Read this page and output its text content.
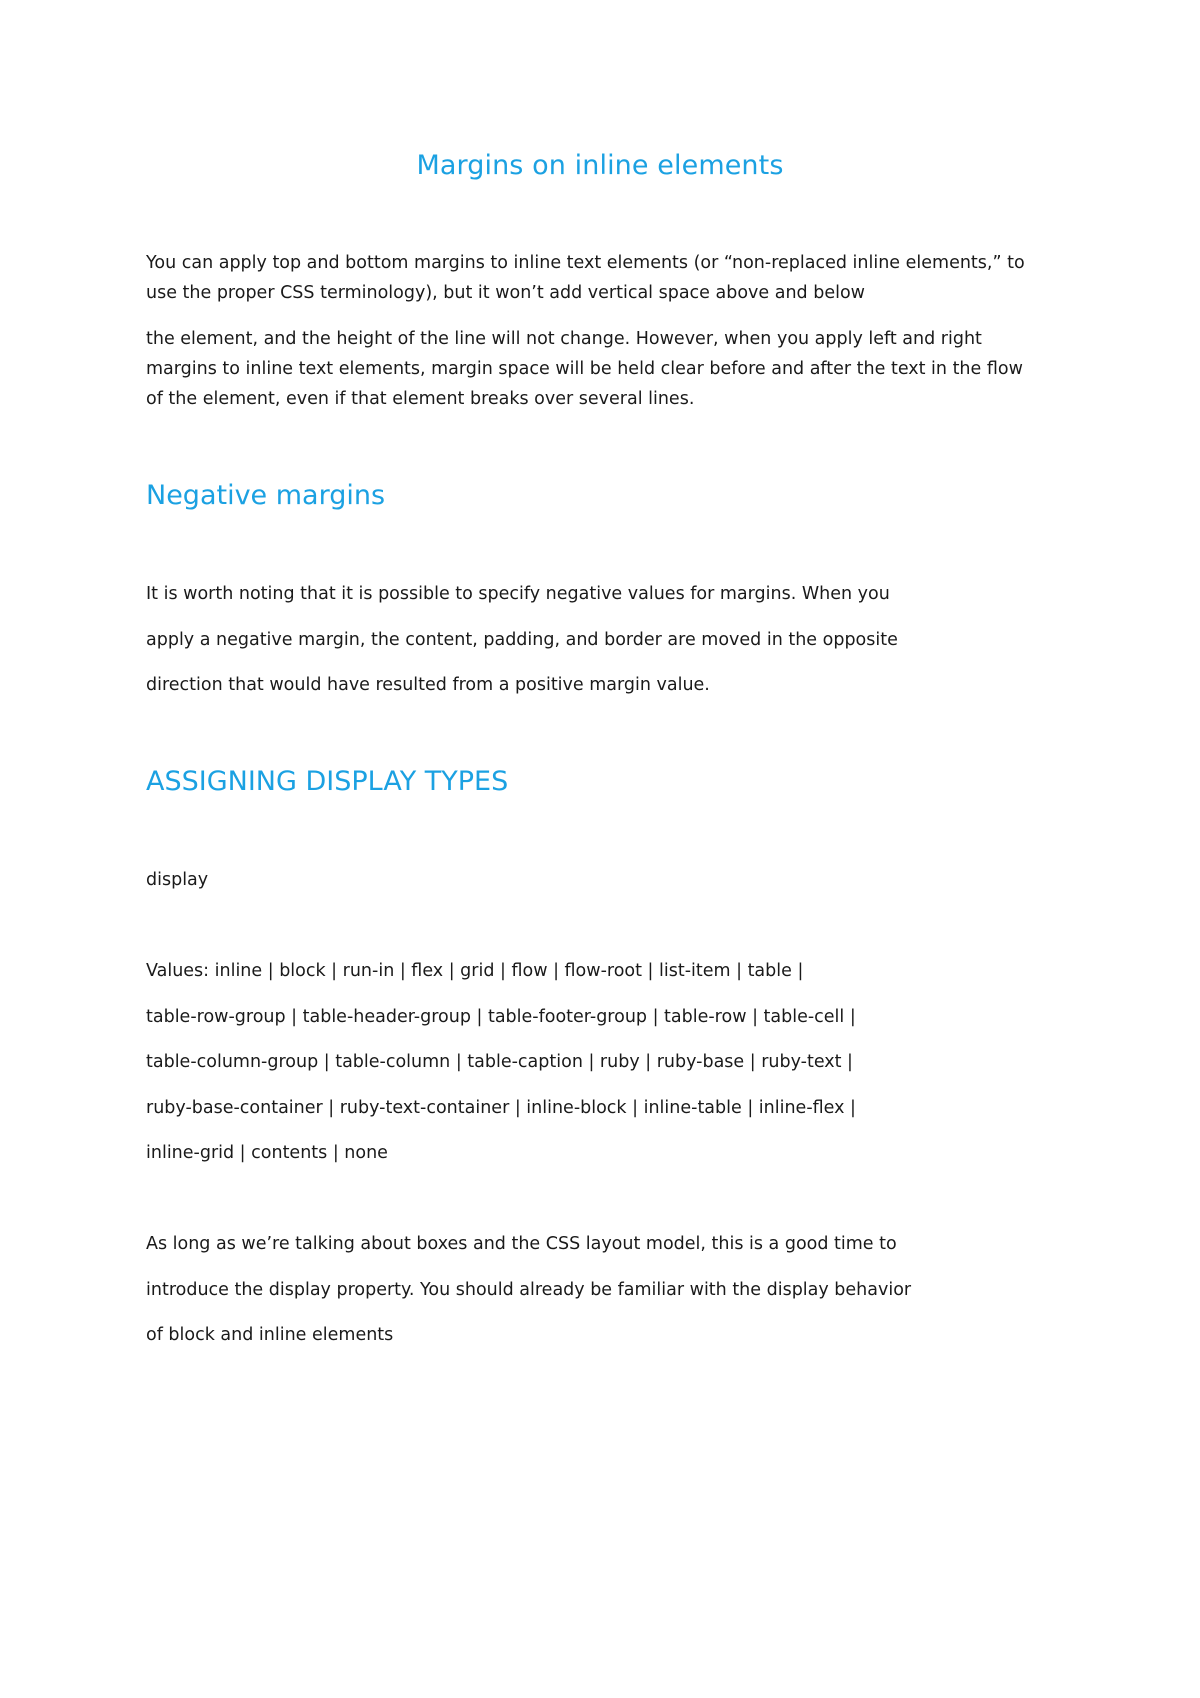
Margins on inline elements

You can apply top and bottom margins to inline text elements (or “non-replaced inline elements,” to
use the proper CSS terminology), but it won’t add vertical space above and below

the element, and the height of the line will not change. However, when you apply left and right
margins to inline text elements, margin space will be held clear before and after the text in the flow
of the element, even if that element breaks over several lines.

Negative margins

It is worth noting that it is possible to specify negative values for margins. When you
apply a negative margin, the content, padding, and border are moved in the opposite
direction that would have resulted from a positive margin value.

ASSIGNING DISPLAY TYPES

display

Values: inline | block | run-in | flex | grid | flow | flow-root | list-item | table |
table-row-group | table-header-group | table-footer-group | table-row | table-cell |
table-column-group | table-column | table-caption | ruby | ruby-base | ruby-text |
ruby-base-container | ruby-text-container | inline-block | inline-table | inline-flex |
inline-grid | contents | none

As long as we’re talking about boxes and the CSS layout model, this is a good time to
introduce the display property. You should already be familiar with the display behavior
of block and inline elements
